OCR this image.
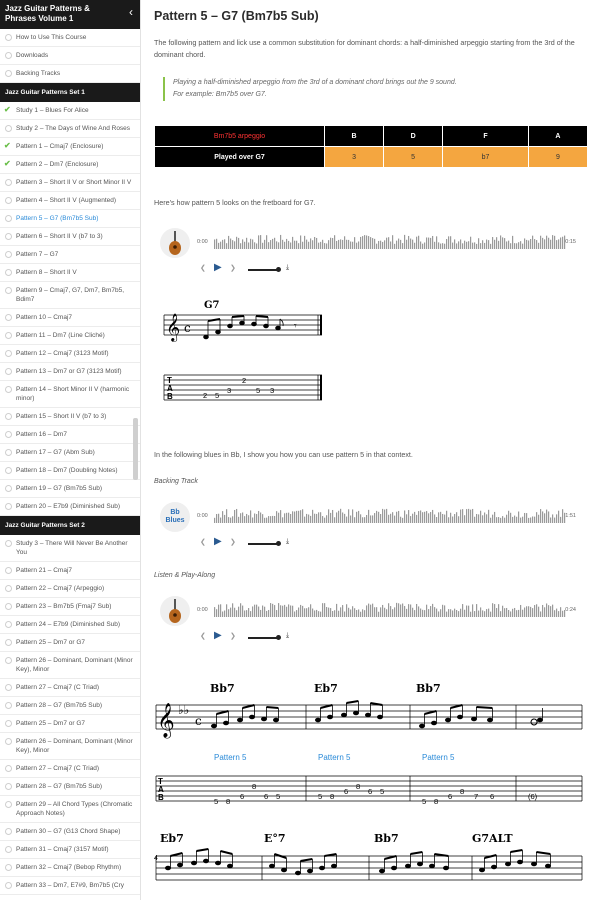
Jazz Guitar Patterns & Phrases Volume 1	‹
How to Use This Course
Downloads
Backing Tracks
Jazz Guitar Patterns Set 1
✔ Study 1 – Blues For Alice
Study 2 – The Days of Wine And Roses
✔ Pattern 1 – Cmaj7 (Enclosure)
✔ Pattern 2 – Dm7 (Enclosure)
Pattern 3 – Short II V or Short Minor II V
Pattern 4 – Short II V (Augmented)
Pattern 5 – G7 (Bm7b5 Sub)
Pattern 6 – Short II V (b7 to 3)
Pattern 7 – G7
Pattern 8 – Short II V
Pattern 9 – Cmaj7, G7, Dm7, Bm7b5, Bdim7
Pattern 10 – Cmaj7
Pattern 11 – Dm7 (Line Cliché)
Pattern 12 – Cmaj7 (3123 Motif)
Pattern 13 – Dm7 or G7 (3123 Motif)
Pattern 14 – Short Minor II V (harmonic minor)
Pattern 15 – Short II V (b7 to 3)
Pattern 16 – Dm7
Pattern 17 – G7 (Abm Sub)
Pattern 18 – Dm7 (Doubling Notes)
Pattern 19 – G7 (Bm7b5 Sub)
Pattern 20 – E7b9 (Diminished Sub)
Jazz Guitar Patterns Set 2
Study 3 – There Will Never Be Another You
Pattern 21 – Cmaj7
Pattern 22 – Cmaj7 (Arpeggio)
Pattern 23 – Bm7b5 (Fmaj7 Sub)
Pattern 24 – E7b9 (Diminished Sub)
Pattern 25 – Dm7 or G7
Pattern 26 – Dominant, Dominant (Minor Key), Minor
Pattern 27 – Cmaj7 (C Triad)
Pattern 28 – G7 (Bm7b5 Sub)
Pattern 25 – Dm7 or G7
Pattern 26 – Dominant, Dominant (Minor Key), Minor
Pattern 27 – Cmaj7 (C Triad)
Pattern 28 – G7 (Bm7b5 Sub)
Pattern 29 – All Chord Types (Chromatic Approach Notes)
Pattern 30 – G7 (G13 Chord Shape)
Pattern 31 – Cmaj7 (3157 Motif)
Pattern 32 – Cmaj7 (Bebop Rhythm)
Pattern 33 – Dm7, E7#9, Bm7b5 (Cry
Pattern 5 – G7 (Bm7b5 Sub)
The following pattern and lick use a common substitution for dominant chords: a half-diminished arpeggio starting from the 3rd of the dominant chord.
Playing a half-diminished arpeggio from the 3rd of a dominant chord brings out the 9 sound.
For example: Bm7b5 over G7.
Bm7b5 arpeggio	B	D	F	A
Played over G7	3	5	b7	9
Here's how pattern 5 looks on the fretboard for G7.
0:00	0:15
❮ ▶ ❯	⤓
𝄞 c
G7
𝄾
T
A
B	2 5
3
2
5 3
In the following blues in Bb, I show you how you can use pattern 5 in that context.
Backing Track
Bb
Blues
0:00	1:51
❮ ▶ ❯	⤓
Listen & Play-Along
0:00	0:24
❮ ▶ ❯	⤓
𝄞 ♭♭
c
Bb7	Eb7	Bb7
Pattern 5	Pattern 5	Pattern 5
T
A
B	5 8
6
8
6 5	5 8
6
8
6 5
5 8
6
8
7 6	(6)
4
Eb7	E°7	Bb7	G7ALT
